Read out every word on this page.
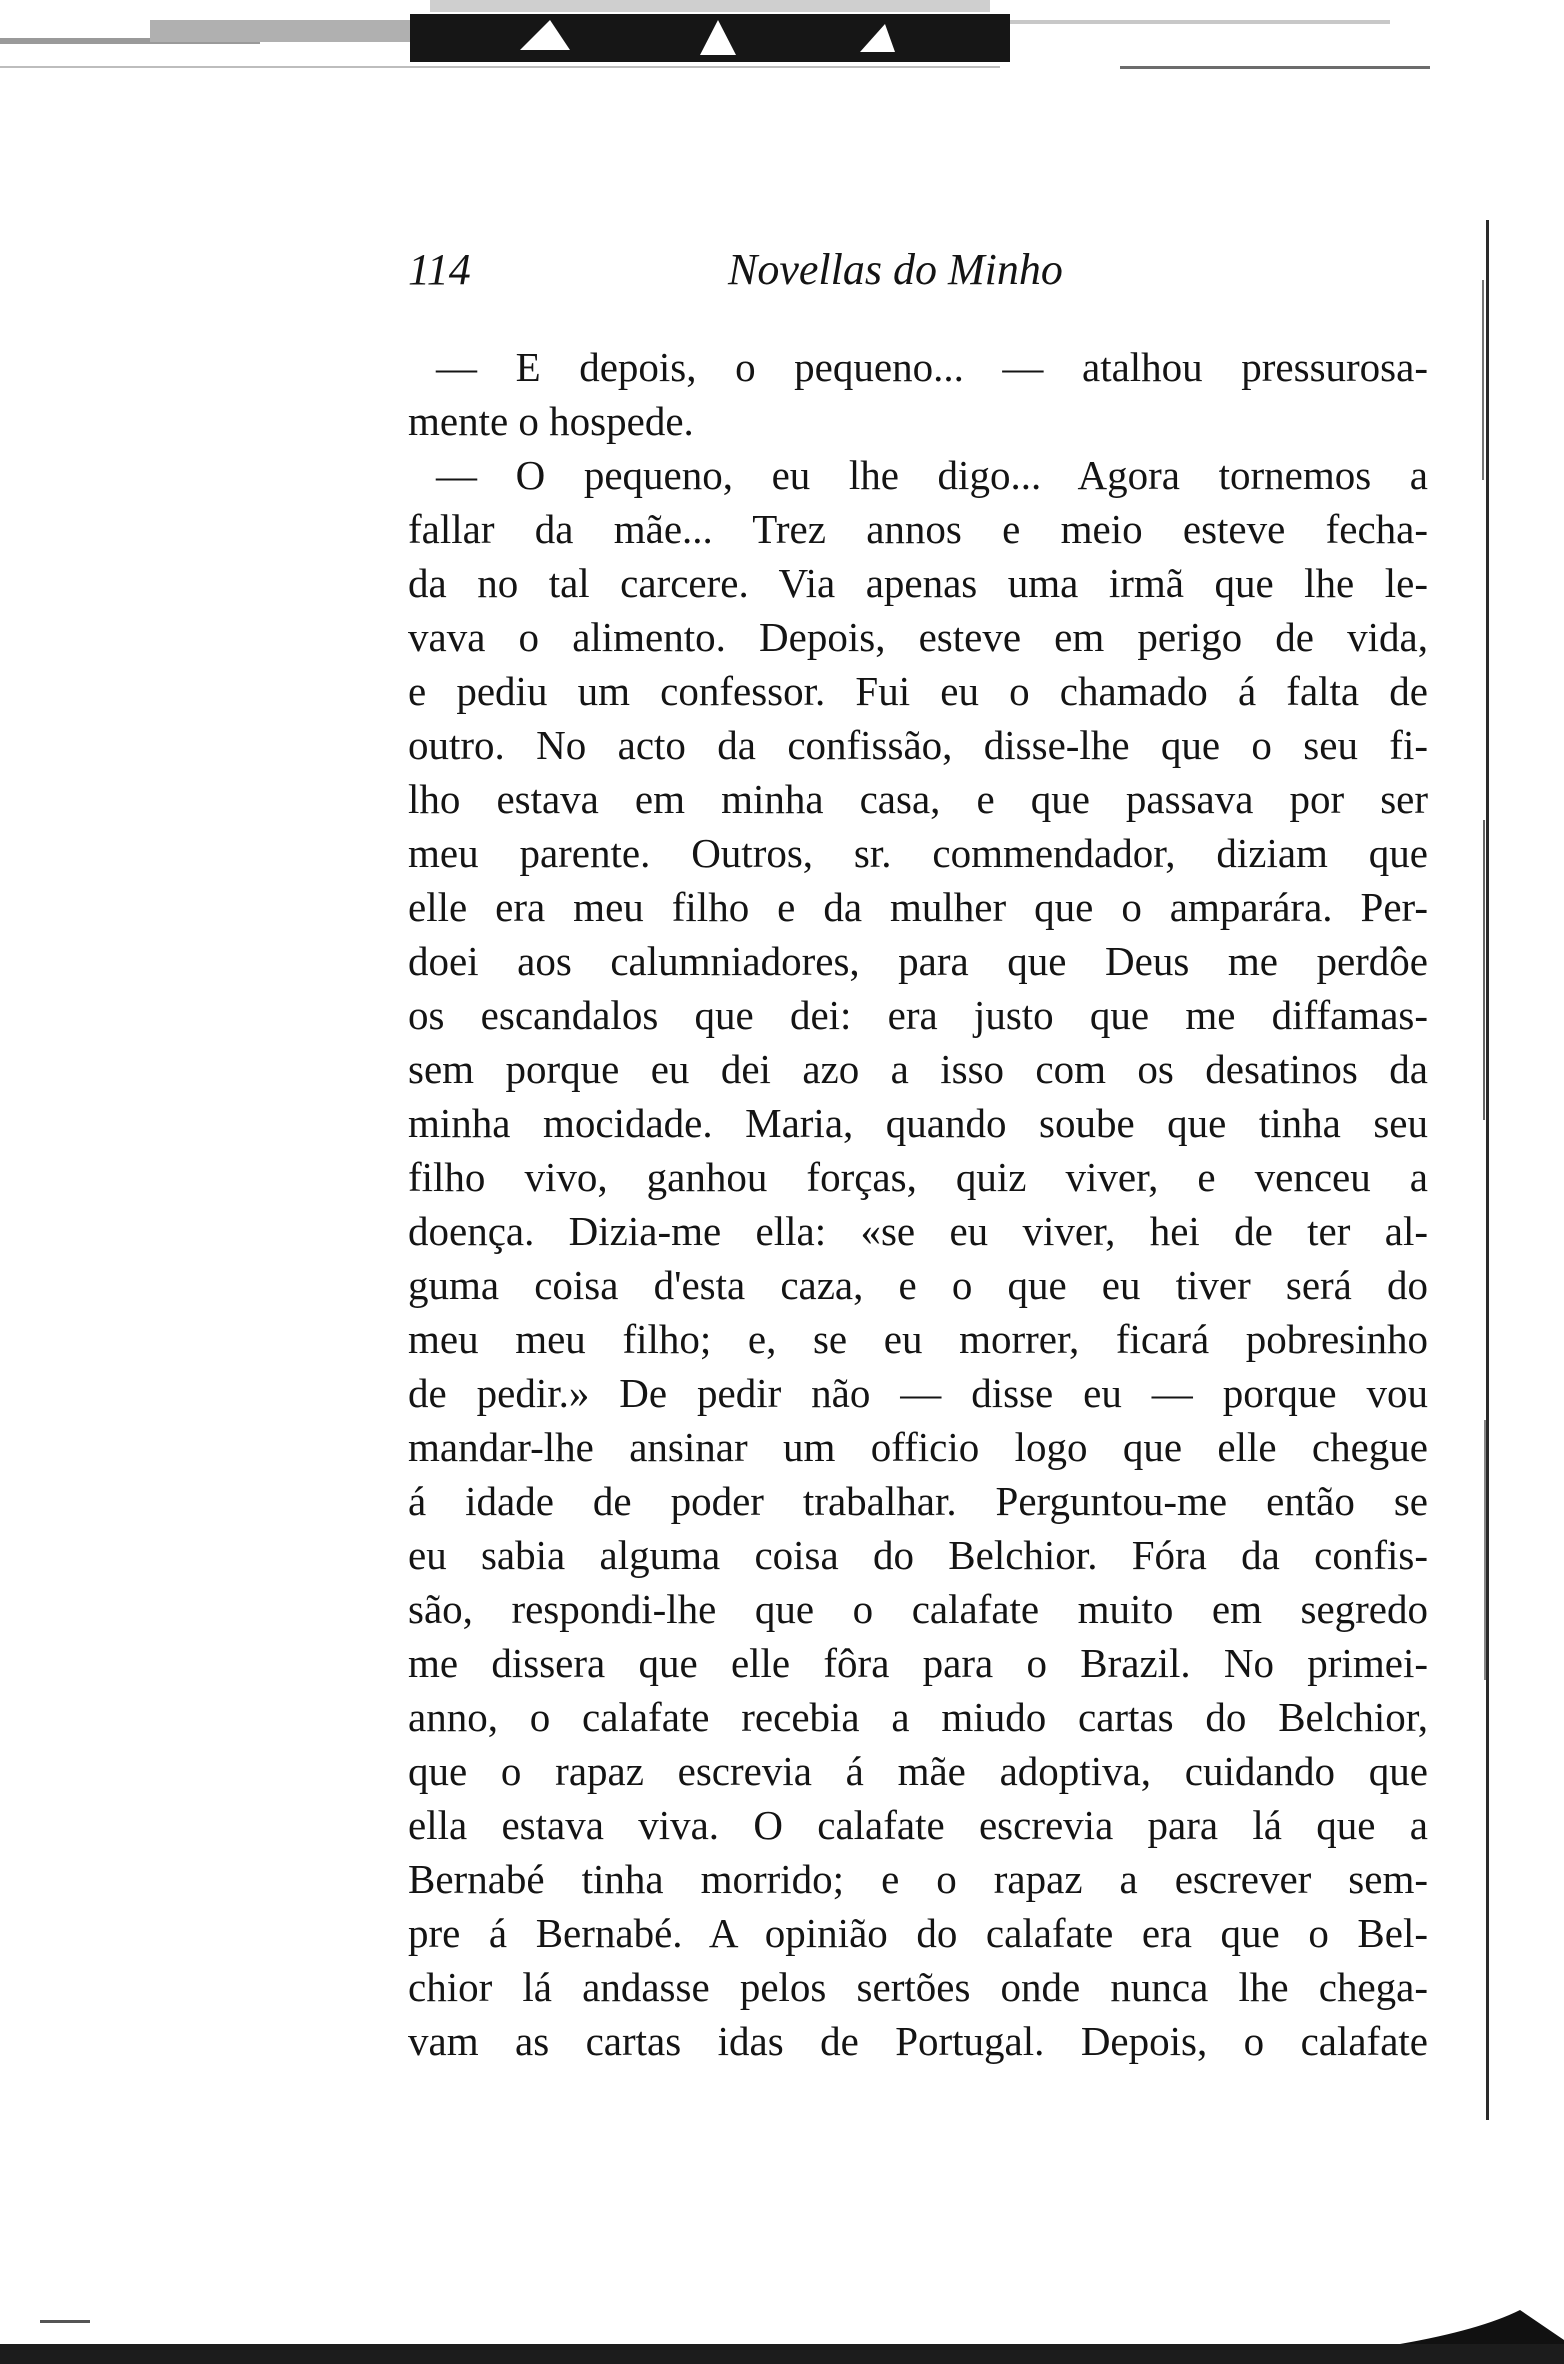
114	Novellas do Minho
— E depois, o pequeno... — atalhou pressurosa-
mente o hospede.
— O pequeno, eu lhe digo... Agora tornemos a
fallar da mãe... Trez annos e meio esteve fecha-
da no tal carcere. Via apenas uma irmã que lhe le-
vava o alimento. Depois, esteve em perigo de vida,
e pediu um confessor. Fui eu o chamado á falta de
outro. No acto da confissão, disse-lhe que o seu fi-
lho estava em minha casa, e que passava por ser
meu parente. Outros, sr. commendador, diziam que
elle era meu filho e da mulher que o amparára. Per-
doei aos calumniadores, para que Deus me perdôe
os escandalos que dei: era justo que me diffamas-
sem porque eu dei azo a isso com os desatinos da
minha mocidade. Maria, quando soube que tinha seu
filho vivo, ganhou forças, quiz viver, e venceu a
doença. Dizia-me ella: «se eu viver, hei de ter al-
guma coisa d'esta caza, e o que eu tiver será do
meu meu filho; e, se eu morrer, ficará pobresinho
de pedir.» De pedir não — disse eu — porque vou
mandar-lhe ansinar um officio logo que elle chegue
á idade de poder trabalhar. Perguntou-me então se
eu sabia alguma coisa do Belchior. Fóra da confis-
são, respondi-lhe que o calafate muito em segredo
me dissera que elle fôra para o Brazil. No primei-
anno, o calafate recebia a miudo cartas do Belchior,
que o rapaz escrevia á mãe adoptiva, cuidando que
ella estava viva. O calafate escrevia para lá que a
Bernabé tinha morrido; e o rapaz a escrever sem-
pre á Bernabé. A opinião do calafate era que o Bel-
chior lá andasse pelos sertões onde nunca lhe chega-
vam as cartas idas de Portugal. Depois, o calafate
